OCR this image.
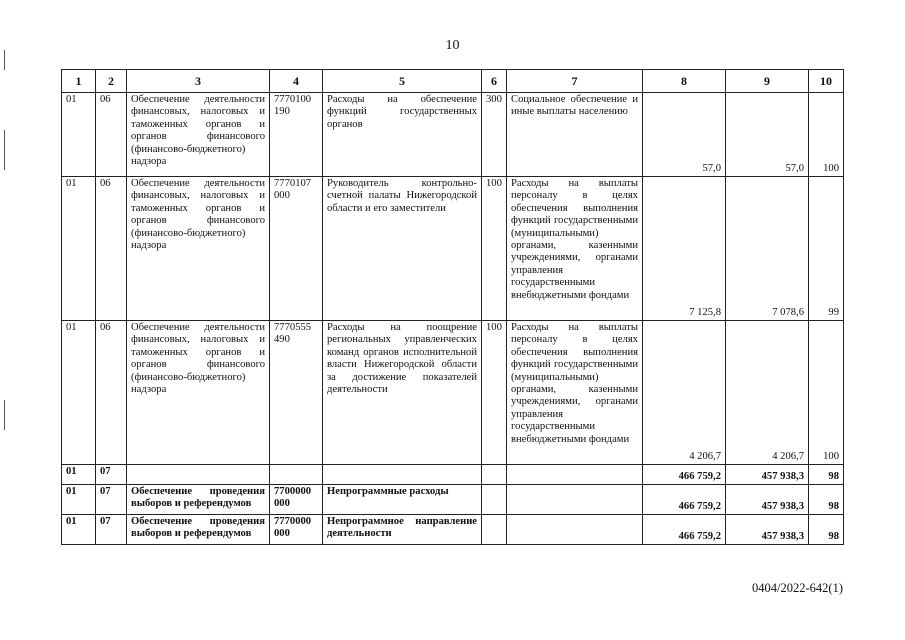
10
1	2	3	4	5	6	7	8	9	10
01	06	Обеспечение деятельности финансовых, налоговых и таможенных органов и органов финансового (финансово-бюджетного) надзора	7770100 190	Расходы на обеспечение функций государственных органов	300	Социальное обеспечение и иные выплаты населению	57,0	57,0	100
01	06	Обеспечение деятельности финансовых, налоговых и таможенных органов и органов финансового (финансово-бюджетного) надзора	7770107 000	Руководитель контрольно-счетной палаты Нижегородской области и его заместители	100	Расходы на выплаты персоналу в целях обеспечения выполнения функций государственными (муниципальными) органами, казенными учреждениями, органами управления государственными внебюджетными фондами	7 125,8	7 078,6	99
01	06	Обеспечение деятельности финансовых, налоговых и таможенных органов и органов финансового (финансово-бюджетного) надзора	7770555 490	Расходы на поощрение региональных управленческих команд органов исполнительной власти Нижегородской области за достижение показателей деятельности	100	Расходы на выплаты персоналу в целях обеспечения выполнения функций государственными (муниципальными) органами, казенными учреждениями, органами управления государственными внебюджетными фондами	4 206,7	4 206,7	100
01	07						466 759,2	457 938,3	98
01	07	Обеспечение проведения выборов и референдумов	7700000 000	Непрограммные расходы			466 759,2	457 938,3	98
01	07	Обеспечение проведения выборов и референдумов	7770000 000	Непрограммное направление деятельности			466 759,2	457 938,3	98
0404/2022-642(1)
